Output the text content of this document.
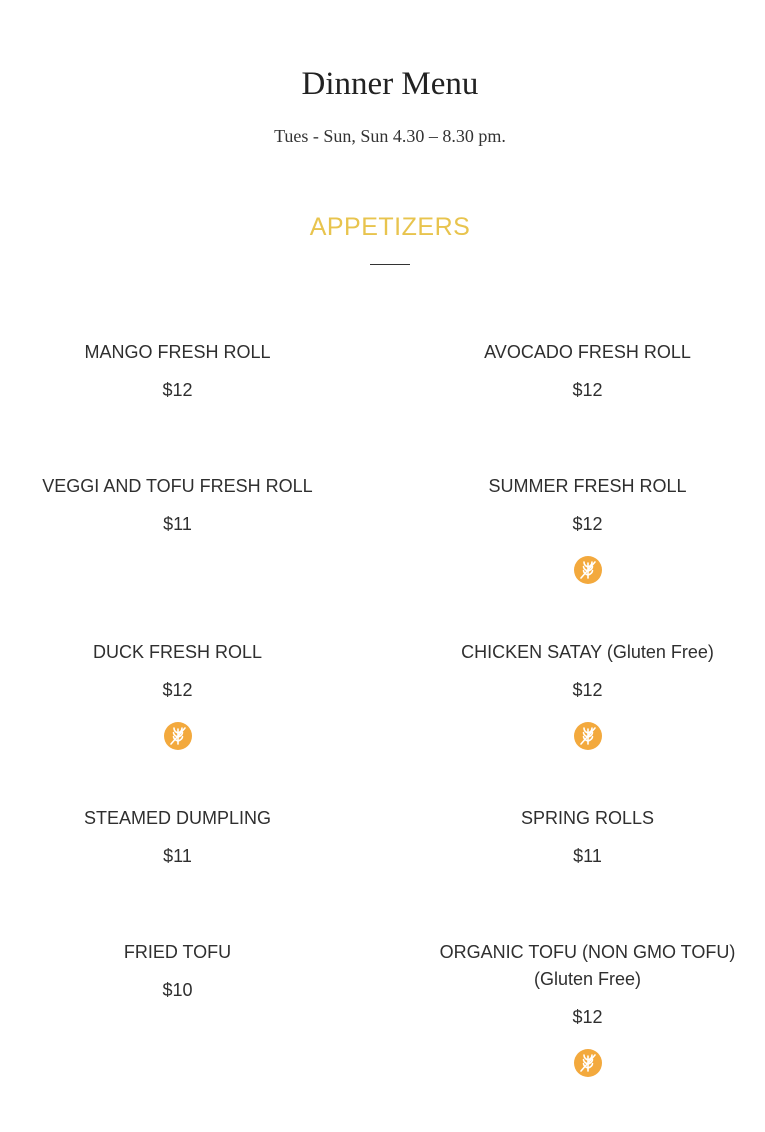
Dinner Menu
Tues - Sun, Sun 4.30 – 8.30 pm.
APPETIZERS
MANGO FRESH ROLL
$12
AVOCADO FRESH ROLL
$12
VEGGI AND TOFU FRESH ROLL
$11
SUMMER FRESH ROLL
$12
DUCK FRESH ROLL
$12
CHICKEN SATAY (Gluten Free)
$12
STEAMED DUMPLING
$11
SPRING ROLLS
$11
FRIED TOFU
$10
ORGANIC TOFU (NON GMO TOFU) (Gluten Free)
$12
